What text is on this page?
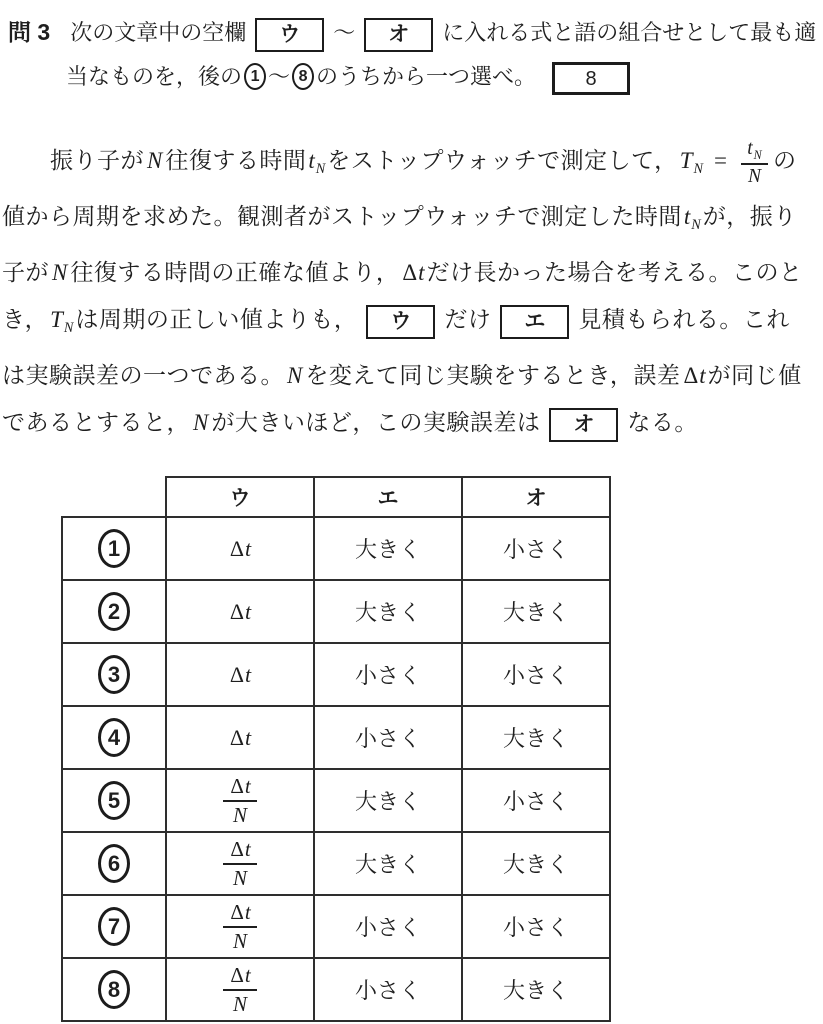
問 3 次の文章中の空欄 ウ ～ オ に入れる式と語の組合せとして最も適
当なものを，後の 1 ～ 8 のうちから一つ選べ。 8
振り子が N 往復する時間$t_N$をストップウォッチで測定して，$T_N = \frac{t_N}{N}$ の
値から周期を求めた。観測者がストップウォッチで測定した時間$t_N$が，振り
子が N 往復する時間の正確な値より， Δtだけ長かった場合を考える。このと
き，$T_N$は周期の正しい値よりも， ウ だけ エ 見積もられる。これ
は実験誤差の一つである。 N を変えて同じ実験をするとき，誤差 Δtが同じ値
であるとすると， N が大きいほど，この実験誤差は オ なる。
	ウ	エ	オ
1	Δt	大きく	小さく
2	Δt	大きく	大きく
3	Δt	小さく	小さく
4	Δt	小さく	大きく
5	$\frac{\Delta t}{N}$	大きく	小さく
6	$\frac{\Delta t}{N}$	大きく	大きく
7	$\frac{\Delta t}{N}$	小さく	小さく
8	$\frac{\Delta t}{N}$	小さく	大きく
